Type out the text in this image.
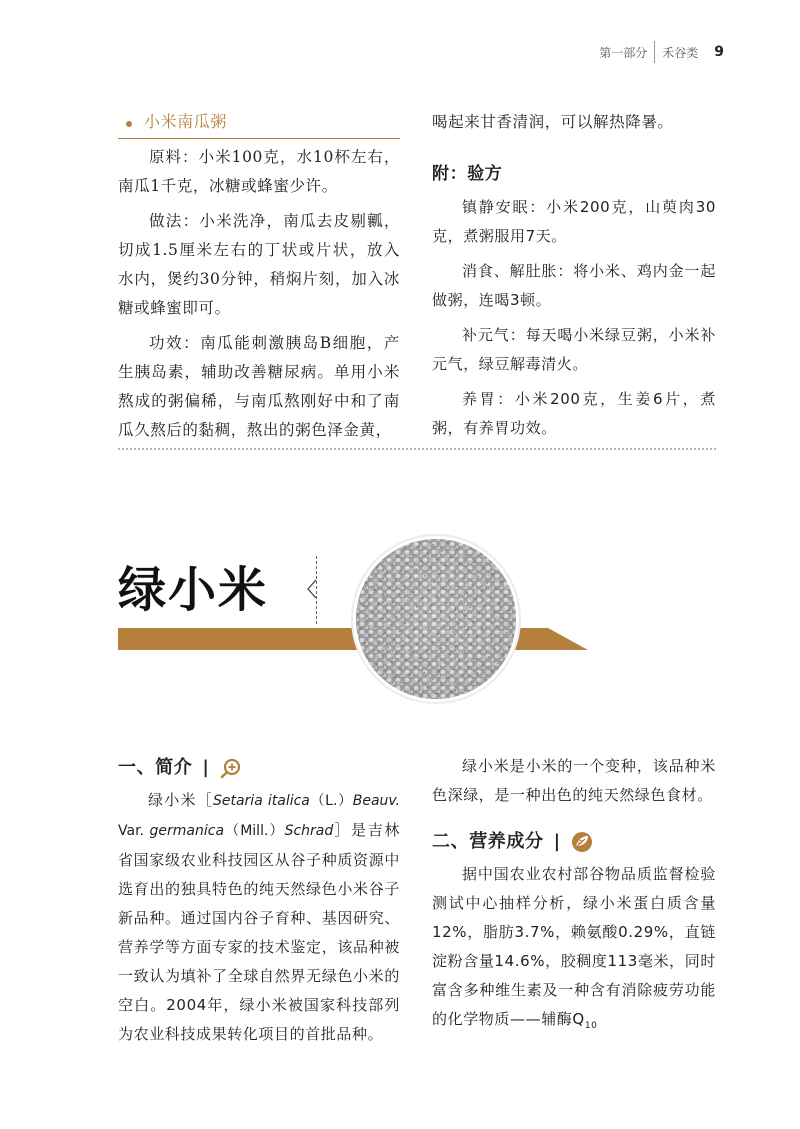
第一部分 禾谷类 9
小米南瓜粥

原料：小米100克，水10杯左右，南瓜1千克，冰糖或蜂蜜少许。

做法：小米洗净，南瓜去皮剔瓤，切成1.5厘米左右的丁状或片状，放入水内，煲约30分钟，稍焖片刻，加入冰糖或蜂蜜即可。

功效：南瓜能刺激胰岛B细胞，产生胰岛素，辅助改善糖尿病。单用小米熬成的粥偏稀，与南瓜熬刚好中和了南瓜久熬后的黏稠，熬出的粥色泽金黄，

喝起来甘香清润，可以解热降暑。

附：验方

镇静安眠：小米200克，山萸肉30克，煮粥服用7天。

消食、解肚胀：将小米、鸡内金一起做粥，连喝3顿。

补元气：每天喝小米绿豆粥，小米补元气，绿豆解毒清火。

养胃：小米200克，生姜6片，煮粥，有养胃功效。

绿小米
一、简介 |

绿小米［Setaria italica（L.）Beauv. Var. germanica（Mill.）Schrad］是吉林省国家级农业科技园区从谷子种质资源中选育出的独具特色的纯天然绿色小米谷子新品种。通过国内谷子育种、基因研究、营养学等方面专家的技术鉴定，该品种被一致认为填补了全球自然界无绿色小米的空白。2004年，绿小米被国家科技部列为农业科技成果转化项目的首批品种。

绿小米是小米的一个变种，该品种米色深绿，是一种出色的纯天然绿色食材。

二、营养成分 |

据中国农业农村部谷物品质监督检验测试中心抽样分析，绿小米蛋白质含量12%，脂肪3.7%，赖氨酸0.29%，直链淀粉含量14.6%，胶稠度113毫米，同时富含多种维生素及一种含有消除疲劳功能的化学物质——辅酶$Q_{10}$
